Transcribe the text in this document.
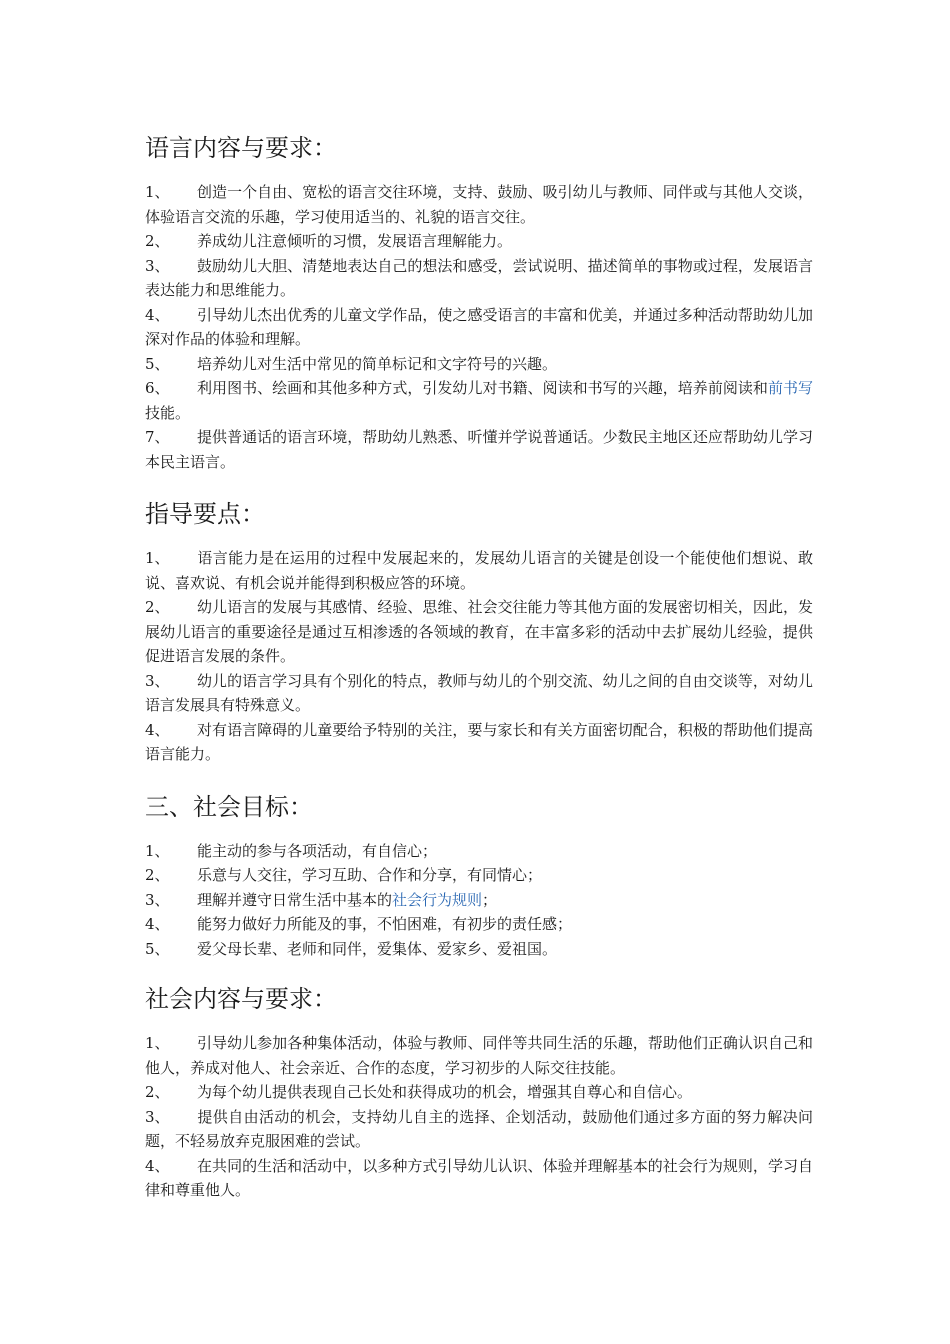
语言内容与要求：
1、 创造一个自由、宽松的语言交往环境，支持、鼓励、吸引幼儿与教师、同伴或与其他人交谈，体验语言交流的乐趣，学习使用适当的、礼貌的语言交往。
2、 养成幼儿注意倾听的习惯，发展语言理解能力。
3、 鼓励幼儿大胆、清楚地表达自己的想法和感受，尝试说明、描述简单的事物或过程，发展语言表达能力和思维能力。
4、 引导幼儿杰出优秀的儿童文学作品，使之感受语言的丰富和优美，并通过多种活动帮助幼儿加深对作品的体验和理解。
5、 培养幼儿对生活中常见的简单标记和文字符号的兴趣。
6、 利用图书、绘画和其他多种方式，引发幼儿对书籍、阅读和书写的兴趣，培养前阅读和前书写技能。
7、 提供普通话的语言环境，帮助幼儿熟悉、听懂并学说普通话。少数民主地区还应帮助幼儿学习本民主语言。
指导要点：
1、 语言能力是在运用的过程中发展起来的，发展幼儿语言的关键是创设一个能使他们想说、敢说、喜欢说、有机会说并能得到积极应答的环境。
2、 幼儿语言的发展与其感情、经验、思维、社会交往能力等其他方面的发展密切相关，因此，发展幼儿语言的重要途径是通过互相渗透的各领域的教育，在丰富多彩的活动中去扩展幼儿经验，提供促进语言发展的条件。
3、 幼儿的语言学习具有个别化的特点，教师与幼儿的个别交流、幼儿之间的自由交谈等，对幼儿语言发展具有特殊意义。
4、 对有语言障碍的儿童要给予特别的关注，要与家长和有关方面密切配合，积极的帮助他们提高语言能力。
三、社会目标：
1、 能主动的参与各项活动，有自信心；
2、 乐意与人交往，学习互助、合作和分享，有同情心；
3、 理解并遵守日常生活中基本的社会行为规则；
4、 能努力做好力所能及的事，不怕困难，有初步的责任感；
5、 爱父母长辈、老师和同伴，爱集体、爱家乡、爱祖国。
社会内容与要求：
1、 引导幼儿参加各种集体活动，体验与教师、同伴等共同生活的乐趣，帮助他们正确认识自己和他人，养成对他人、社会亲近、合作的态度，学习初步的人际交往技能。
2、 为每个幼儿提供表现自己长处和获得成功的机会，增强其自尊心和自信心。
3、 提供自由活动的机会，支持幼儿自主的选择、企划活动，鼓励他们通过多方面的努力解决问题，不轻易放弃克服困难的尝试。
4、 在共同的生活和活动中，以多种方式引导幼儿认识、体验并理解基本的社会行为规则，学习自律和尊重他人。
